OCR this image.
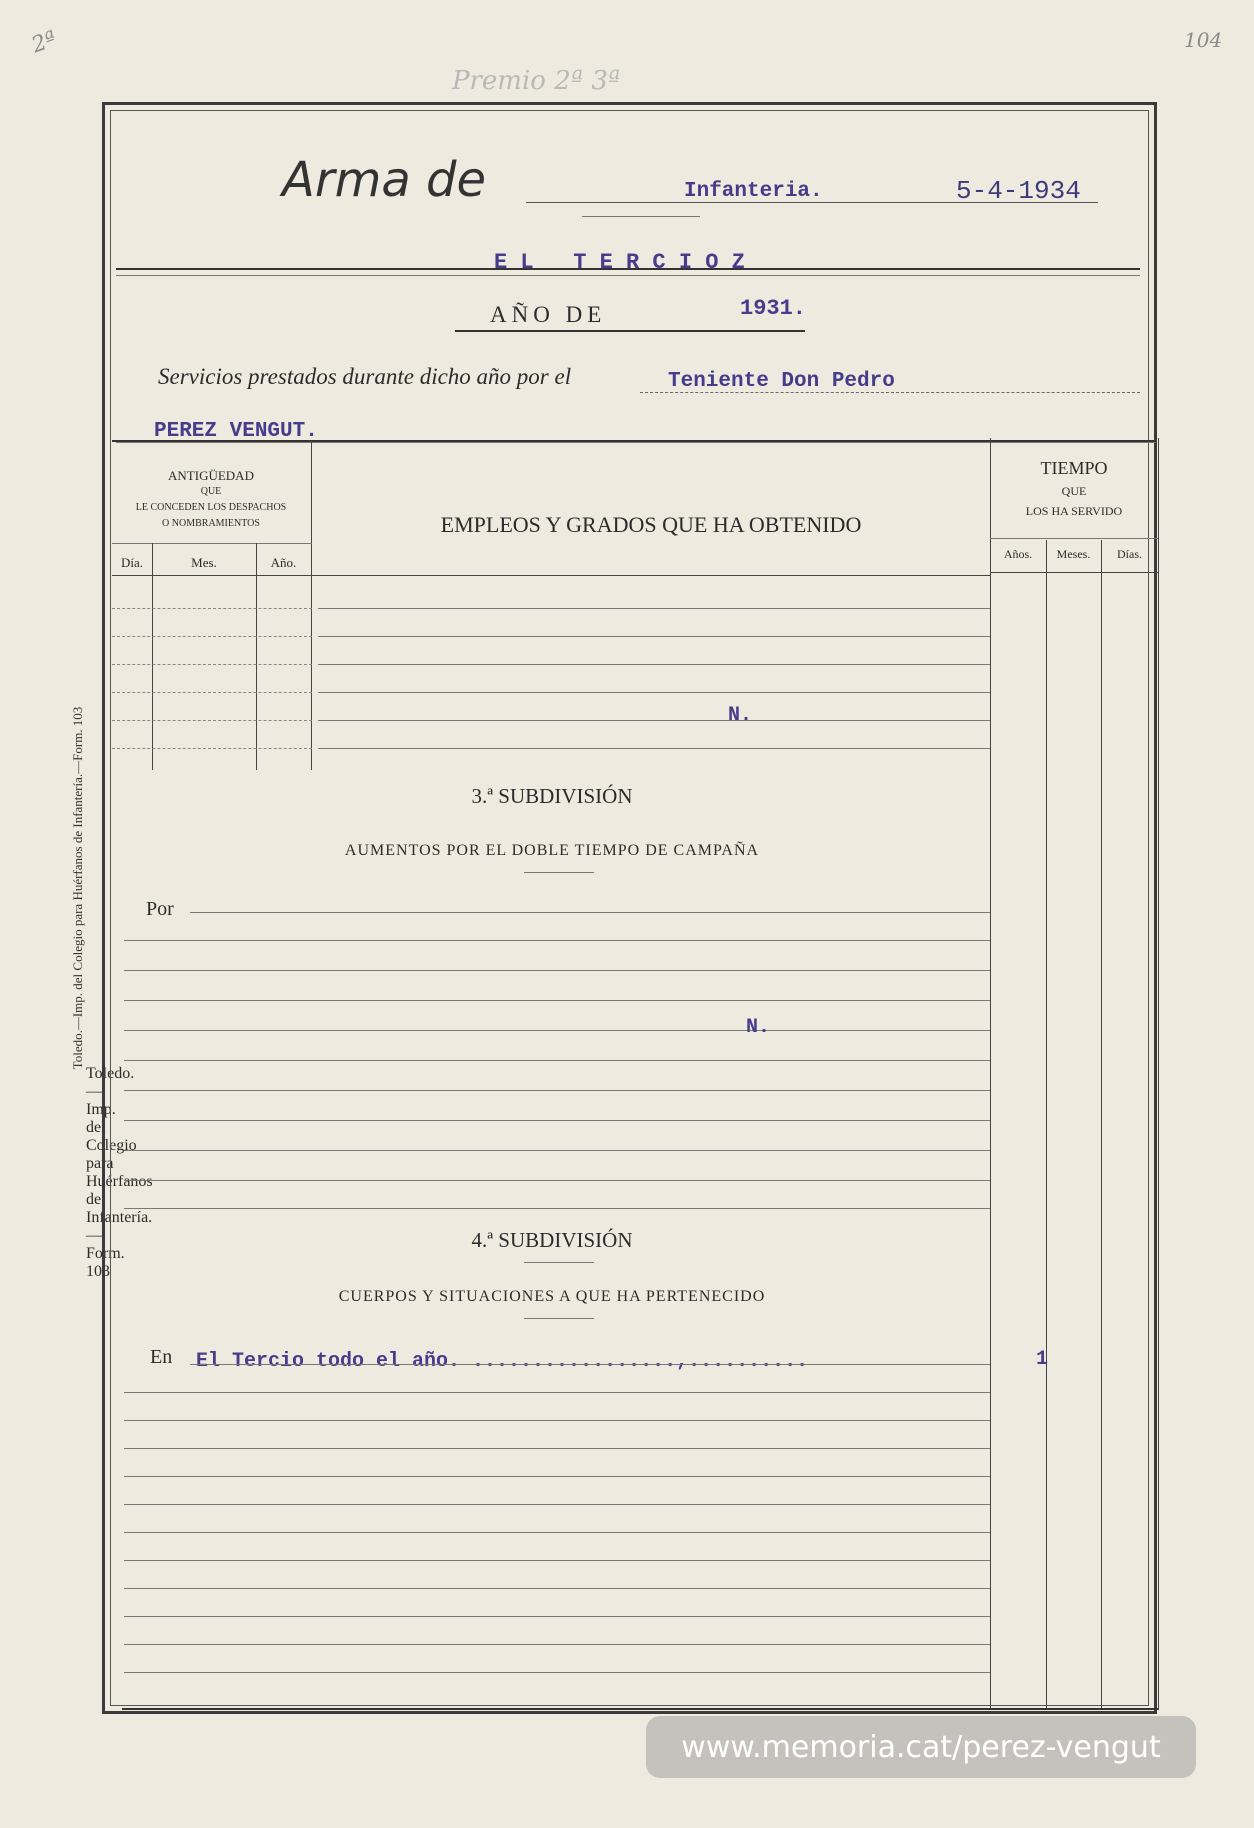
2ª	104
Premio 2ª 3ª
Toledo.—Imp. del Colegio para Huérfanos de Infantería.—Form. 103
Toledo.—Imp. del Colegio para Huérfanos de Infantería.—Form. 103
Arma de	Infanteria.	5-4-1934
E L   T E R C I O Z
AÑO DE	1931.
Servicios prestados durante dicho año por el	Teniente Don Pedro
PEREZ VENGUT.
ANTIGÜEDAD
QUE
LE CONCEDEN LOS DESPACHOS
O NOMBRAMIENTOS
Día.	Mes.	Año.
EMPLEOS Y GRADOS QUE HA OBTENIDO
TIEMPO
QUE
LOS HA SERVIDO
Años.	Meses.	Días.
N.
3.ª SUBDIVISIÓN
AUMENTOS POR EL DOBLE TIEMPO DE CAMPAÑA
Por
N.
4.ª SUBDIVISIÓN
CUERPOS Y SITUACIONES A QUE HA PERTENECIDO
En El Tercio todo el año. .................,..........	1
www.memoria.cat/perez-vengut
